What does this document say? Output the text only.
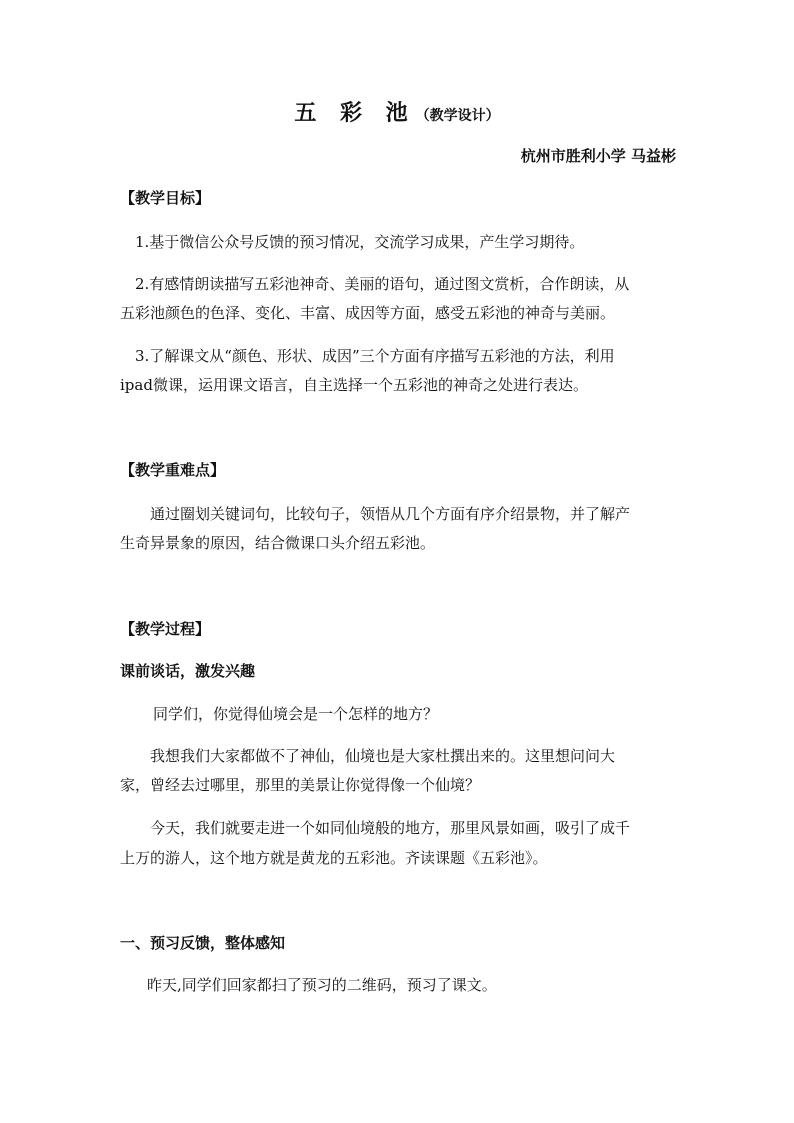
五 彩 池（教学设计）
杭州市胜利小学 马益彬
【教学目标】
1.基于微信公众号反馈的预习情况，交流学习成果，产生学习期待。
2.有感情朗读描写五彩池神奇、美丽的语句，通过图文赏析，合作朗读，从
五彩池颜色的色泽、变化、丰富、成因等方面，感受五彩池的神奇与美丽。
3.了解课文从“颜色、形状、成因”三个方面有序描写五彩池的方法，利用
ipad微课，运用课文语言，自主选择一个五彩池的神奇之处进行表达。
【教学重难点】
通过圈划关键词句，比较句子，领悟从几个方面有序介绍景物，并了解产
生奇异景象的原因，结合微课口头介绍五彩池。
【教学过程】
课前谈话，激发兴趣
同学们，你觉得仙境会是一个怎样的地方？
我想我们大家都做不了神仙，仙境也是大家杜撰出来的。这里想问问大
家，曾经去过哪里，那里的美景让你觉得像一个仙境？
今天，我们就要走进一个如同仙境般的地方，那里风景如画，吸引了成千
上万的游人，这个地方就是黄龙的五彩池。齐读课题《五彩池》。
一、预习反馈，整体感知
昨天,同学们回家都扫了预习的二维码，预习了课文。
